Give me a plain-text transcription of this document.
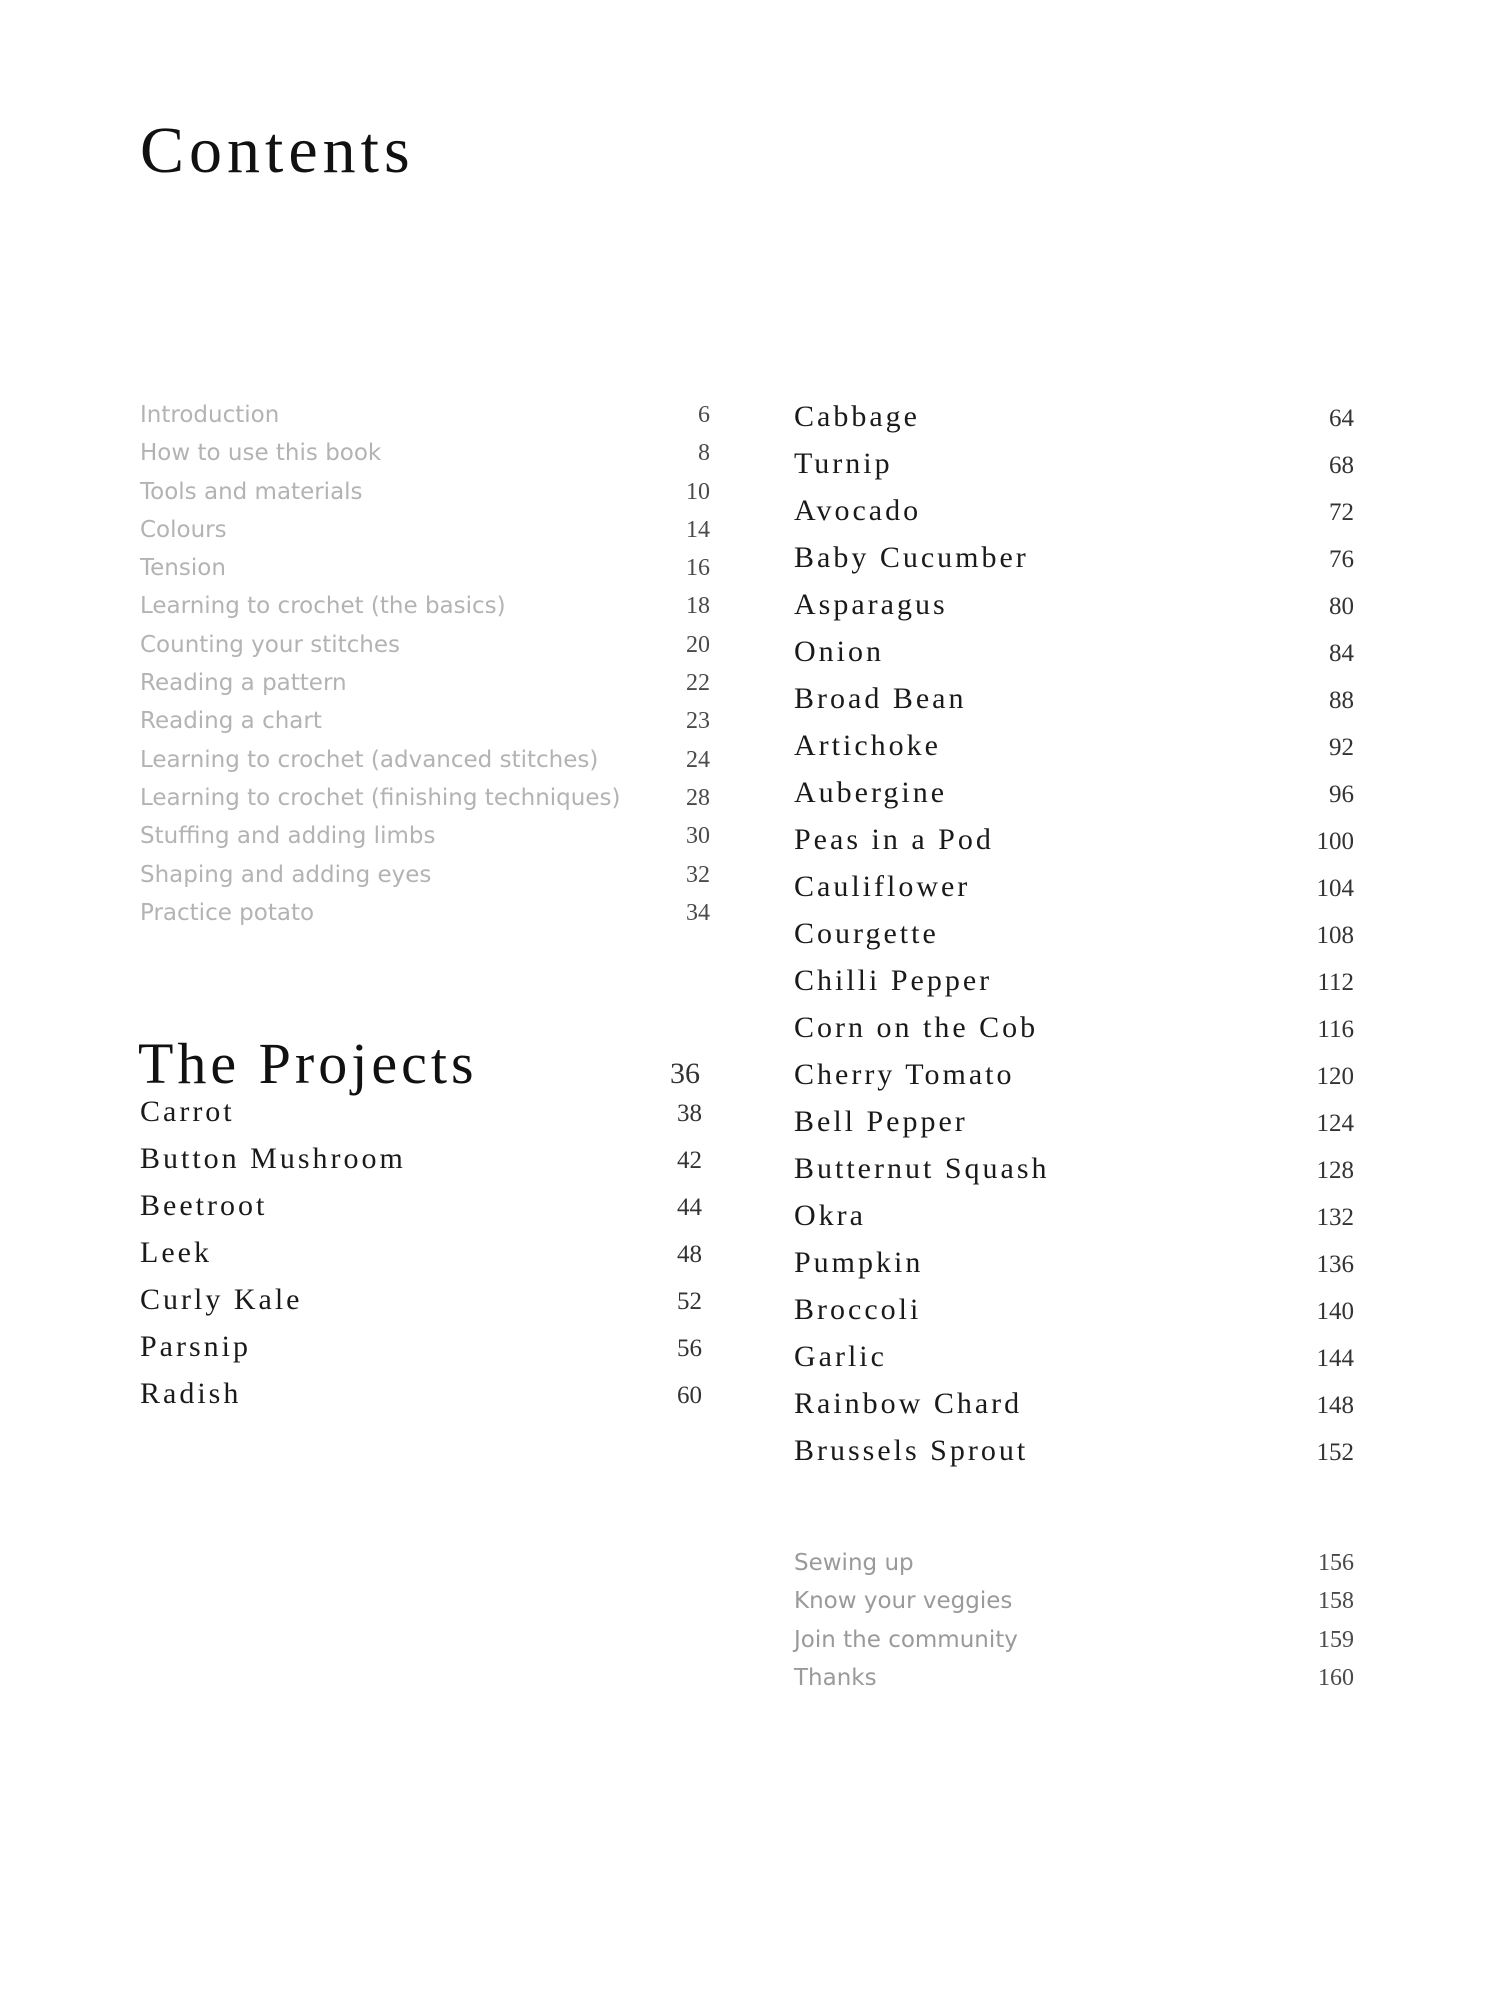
Contents
Introduction	6
How to use this book	8
Tools and materials	10
Colours	14
Tension	16
Learning to crochet (the basics)	18
Counting your stitches	20
Reading a pattern	22
Reading a chart	23
Learning to crochet (advanced stitches)	24
Learning to crochet (finishing techniques)	28
Stuffing and adding limbs	30
Shaping and adding eyes	32
Practice potato	34
The Projects	36
Carrot	38
Button Mushroom	42
Beetroot	44
Leek	48
Curly Kale	52
Parsnip	56
Radish	60
Cabbage	64
Turnip	68
Avocado	72
Baby Cucumber	76
Asparagus	80
Onion	84
Broad Bean	88
Artichoke	92
Aubergine	96
Peas in a Pod	100
Cauliflower	104
Courgette	108
Chilli Pepper	112
Corn on the Cob	116
Cherry Tomato	120
Bell Pepper	124
Butternut Squash	128
Okra	132
Pumpkin	136
Broccoli	140
Garlic	144
Rainbow Chard	148
Brussels Sprout	152
Sewing up	156
Know your veggies	158
Join the community	159
Thanks	160
